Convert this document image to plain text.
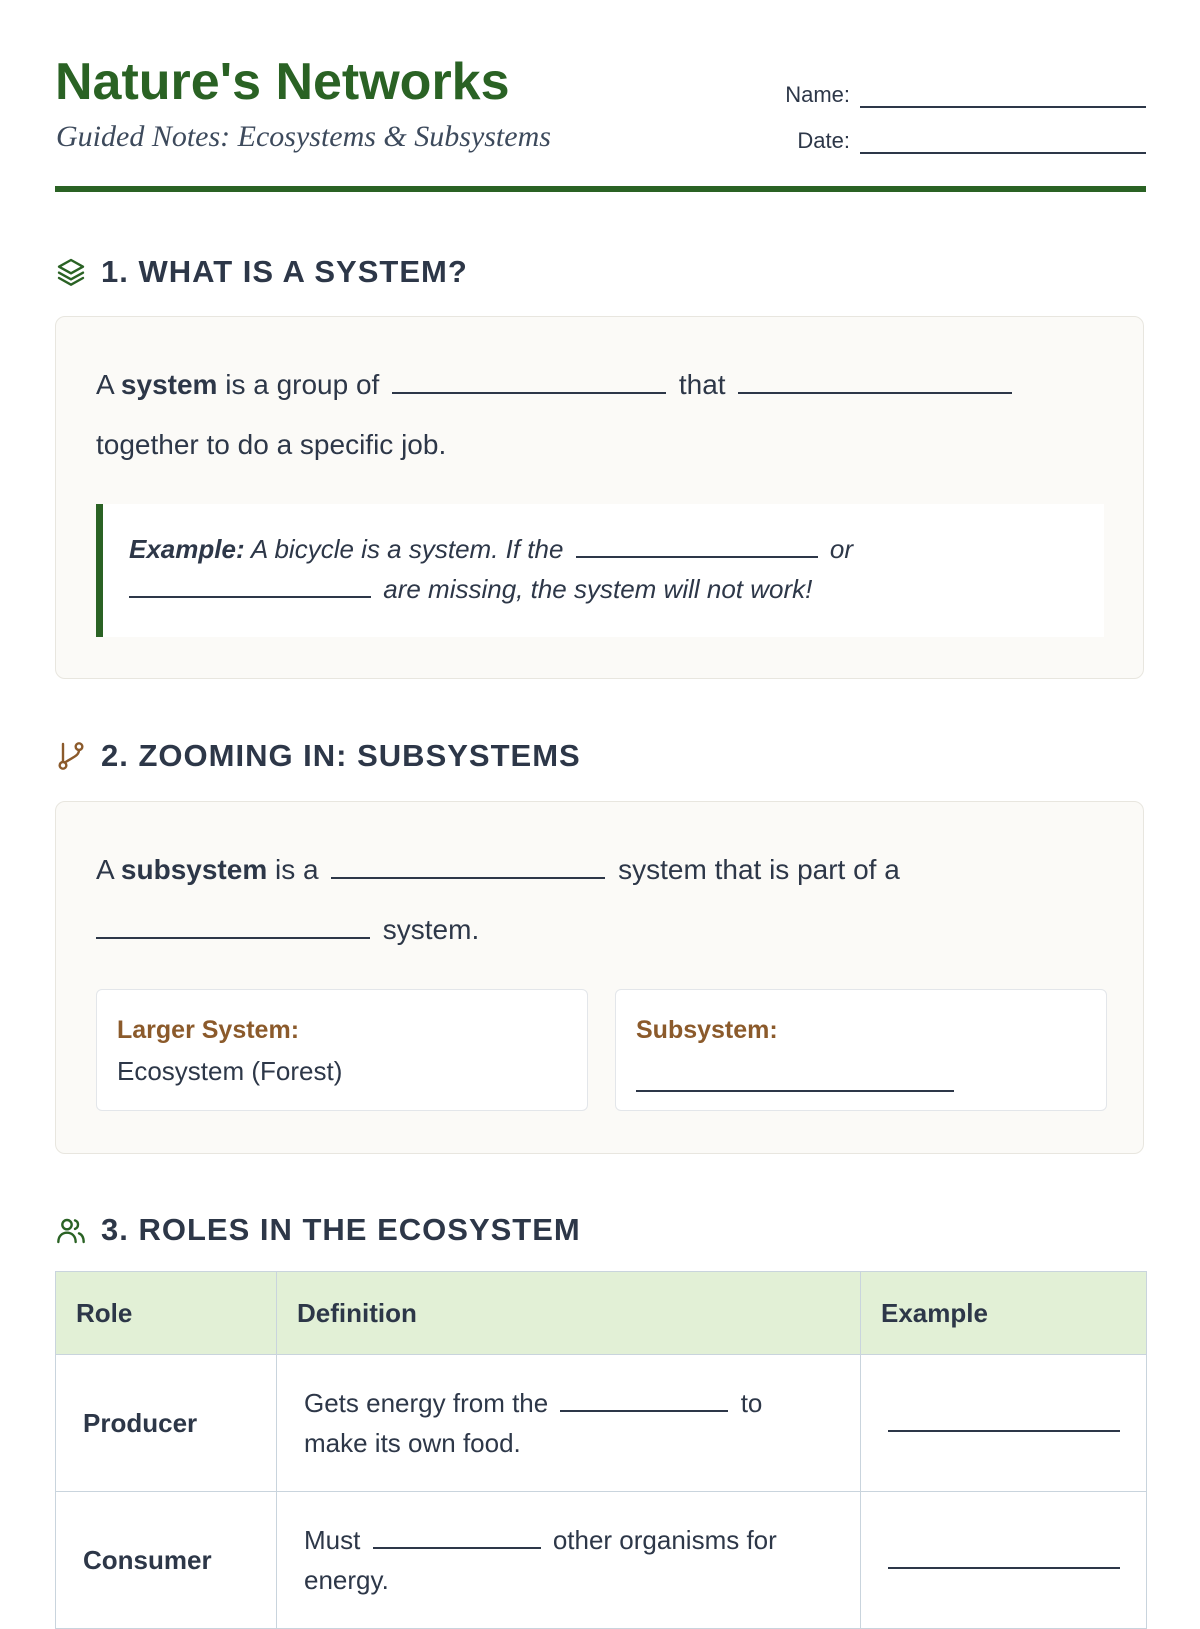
Nature's Networks
Guided Notes: Ecosystems & Subsystems
Name:
Date:
1. WHAT IS A SYSTEM?
A system is a group of	that
together to do a specific job.
Example: A bicycle is a system. If the	or
are missing, the system will not work!
2. ZOOMING IN: SUBSYSTEMS
A subsystem is a	system that is part of a
system.
Larger System:
Ecosystem (Forest)
Subsystem:
3. ROLES IN THE ECOSYSTEM
Role	Definition	Example
Producer	Gets energy from the to
make its own food.	
Consumer	Must other organisms for
energy.	
